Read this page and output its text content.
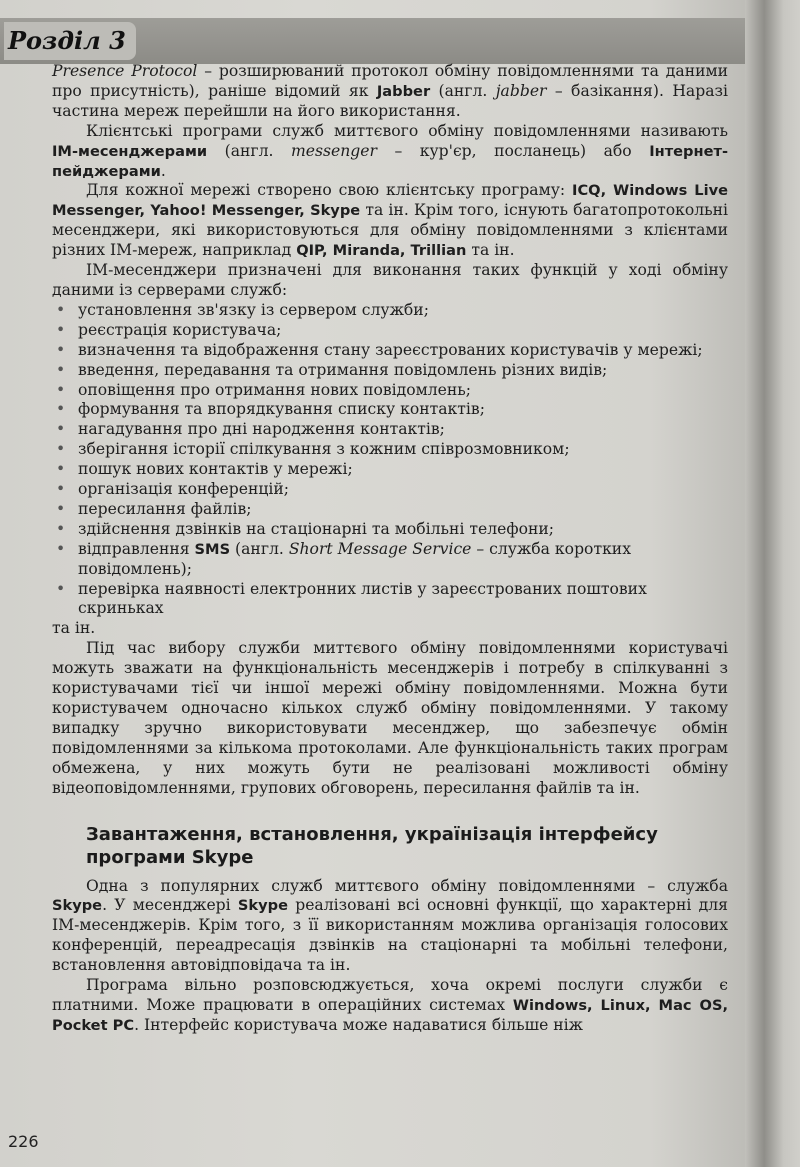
Розділ 3

Presence Protocol – розширюваний протокол обміну повідомленнями та даними про присутність), раніше відомий як Jabber (англ. jabber – базікання). Наразі частина мереж перейшли на його використання.

Клієнтські програми служб миттєвого обміну повідомленнями називають ІМ-месенджерами (англ. messenger – кур'єр, посланець) або Інтернет-пейджерами.

Для кожної мережі створено свою клієнтську програму: ICQ, Windows Live Messenger, Yahoo! Messenger, Skype та ін. Крім того, існують багатопротокольні месенджери, які використовуються для обміну повідомленнями з клієнтами різних ІМ-мереж, наприклад QIP, Miranda, Trillian та ін.

ІМ-месенджери призначені для виконання таких функцій у ході обміну даними із серверами служб:

• установлення зв'язку із сервером служби;
• реєстрація користувача;
• визначення та відображення стану зареєстрованих користувачів у мережі;
• введення, передавання та отримання повідомлень різних видів;
• оповіщення про отримання нових повідомлень;
• формування та впорядкування списку контактів;
• нагадування про дні народження контактів;
• зберігання історії спілкування з кожним співрозмовником;
• пошук нових контактів у мережі;
• організація конференцій;
• пересилання файлів;
• здійснення дзвінків на стаціонарні та мобільні телефони;
• відправлення SMS (англ. Short Message Service – служба коротких повідомлень);
• перевірка наявності електронних листів у зареєстрованих поштових скриньках

та ін.

Під час вибору служби миттєвого обміну повідомленнями користувачі можуть зважати на функціональність месенджерів і потребу в спілкуванні з користувачами тієї чи іншої мережі обміну повідомленнями. Можна бути користувачем одночасно кількох служб обміну повідомленнями. У такому випадку зручно використовувати месенджер, що забезпечує обмін повідомленнями за кількома протоколами. Але функціональність таких програм обмежена, у них можуть бути не реалізовані можливості обміну відеоповідомленнями, групових обговорень, пересилання файлів та ін.

Завантаження, встановлення, українізація інтерфейсу програми Skype

Одна з популярних служб миттєвого обміну повідомленнями – служба Skype. У месенджері Skype реалізовані всі основні функції, що характерні для ІМ-месенджерів. Крім того, з її використанням можлива організація голосових конференцій, переадресація дзвінків на стаціонарні та мобільні телефони, встановлення автовідповідача та ін.

Програма вільно розповсюджується, хоча окремі послуги служби є платними. Може працювати в операційних системах Windows, Linux, Mac OS, Pocket PC. Інтерфейс користувача може надаватися більше ніж

226
